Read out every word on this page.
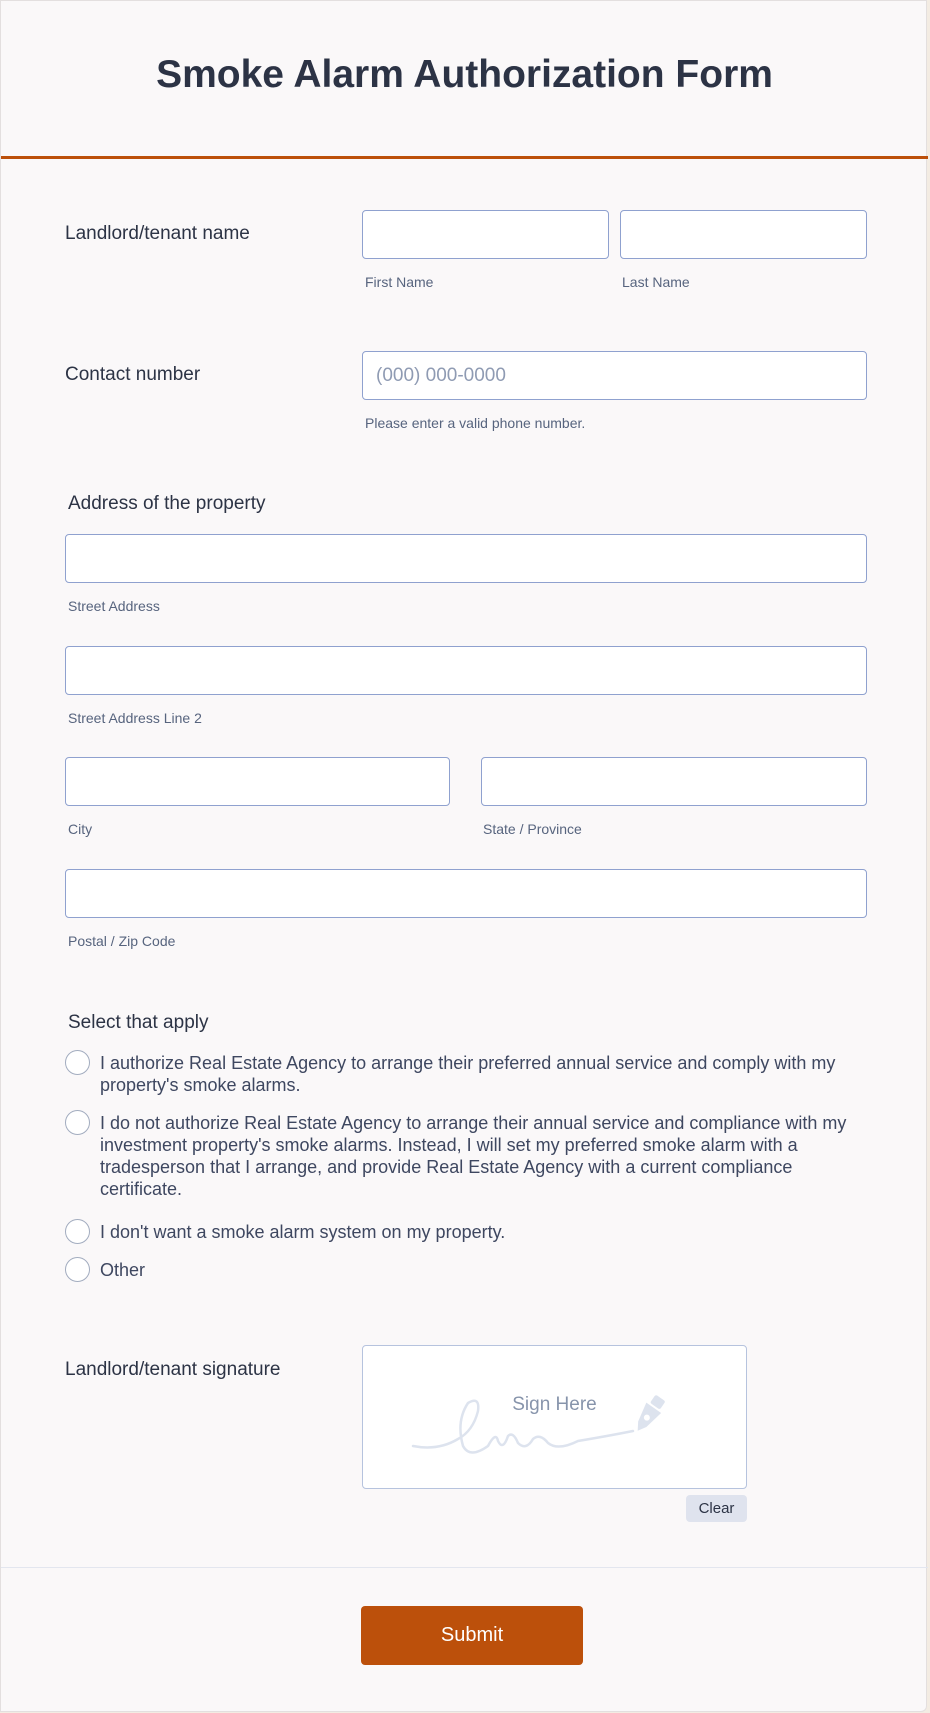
Smoke Alarm Authorization Form
Landlord/tenant name
First Name	Last Name
Contact number	(000) 000-0000
Please enter a valid phone number.
Address of the property
Street Address
Street Address Line 2
City	State / Province
Postal / Zip Code
Select that apply
I authorize Real Estate Agency to arrange their preferred annual service and comply with my property's smoke alarms.
I do not authorize Real Estate Agency to arrange their annual service and compliance with my investment property's smoke alarms. Instead, I will set my preferred smoke alarm with a tradesperson that I arrange, and provide Real Estate Agency with a current compliance certificate.
I don't want a smoke alarm system on my property.
Other
Landlord/tenant signature
Sign Here
Clear
Submit
